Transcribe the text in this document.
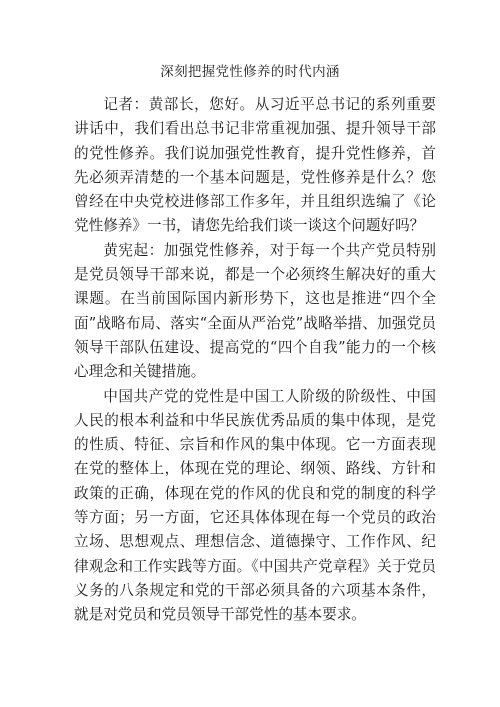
深刻把握党性修养的时代内涵

记者：黄部长，您好。从习近平总书记的系列重要讲话中，我们看出总书记非常重视加强、提升领导干部的党性修养。我们说加强党性教育，提升党性修养，首先必须弄清楚的一个基本问题是，党性修养是什么？您曾经在中央党校进修部工作多年，并且组织选编了《论党性修养》一书，请您先给我们谈一谈这个问题好吗？

黄宪起：加强党性修养，对于每一个共产党员特别是党员领导干部来说，都是一个必须终生解决好的重大课题。在当前国际国内新形势下，这也是推进“四个全面”战略布局、落实“全面从严治党”战略举措、加强党员领导干部队伍建设、提高党的“四个自我”能力的一个核心理念和关键措施。

中国共产党的党性是中国工人阶级的阶级性、中国人民的根本利益和中华民族优秀品质的集中体现，是党的性质、特征、宗旨和作风的集中体现。它一方面表现在党的整体上，体现在党的理论、纲领、路线、方针和政策的正确，体现在党的作风的优良和党的制度的科学等方面；另一方面，它还具体体现在每一个党员的政治立场、思想观点、理想信念、道德操守、工作作风、纪律观念和工作实践等方面。《中国共产党章程》关于党员义务的八条规定和党的干部必须具备的六项基本条件，就是对党员和党员领导干部党性的基本要求。
